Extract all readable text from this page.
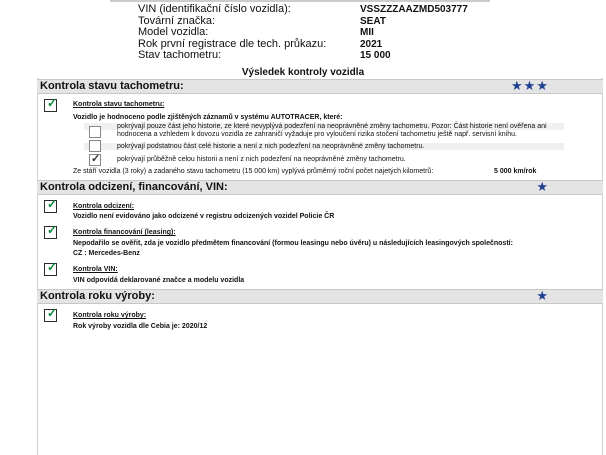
VIN (identifikační číslo vozidla):	VSSZZZAAZMD503777
Tovární značka:	SEAT
Model vozidla:	MII
Rok první registrace dle tech. průkazu:	2021
Stav tachometru:	15 000
Výsledek kontroly vozidla
Kontrola stavu tachometru:	★★★
✓ Kontrola stavu tachometru:
Vozidlo je hodnoceno podle zjištěných záznamů v systému AUTOTRACER, které:
pokrývají pouze část jeho historie, ze které nevyplývá podezření na neoprávněné změny tachometru. Pozor: Část historie není ověřena ani
hodnocena a vzhledem k dovozu vozidla ze zahraničí vyžaduje pro vyloučení rizika stočení tachometru ještě např. servisní knihu.
pokrývají podstatnou část celé historie a není z nich podezření na neoprávněné změny tachometru.
✓ pokrývají průběžně celou historii a není z nich podezření na neoprávněné změny tachometru.
Ze stáří vozidla (3 roky) a zadaného stavu tachometru (15 000 km) vyplývá průměrný roční počet najetých kilometrů:	5 000 km/rok
Kontrola odcizení, financování, VIN:	★
✓ Kontrola odcizení:
Vozidlo není evidováno jako odcizené v registru odcizených vozidel Policie ČR
✓ Kontrola financování (leasing):
Nepodařilo se ověřit, zda je vozidlo předmětem financování (formou leasingu nebo úvěru) u následujících leasingových společností:
CZ : Mercedes-Benz
✓ Kontrola VIN:
VIN odpovídá deklarované značce a modelu vozidla
Kontrola roku výroby:	★
✓ Kontrola roku výroby:
Rok výroby vozidla dle Cebia je: 2020/12
